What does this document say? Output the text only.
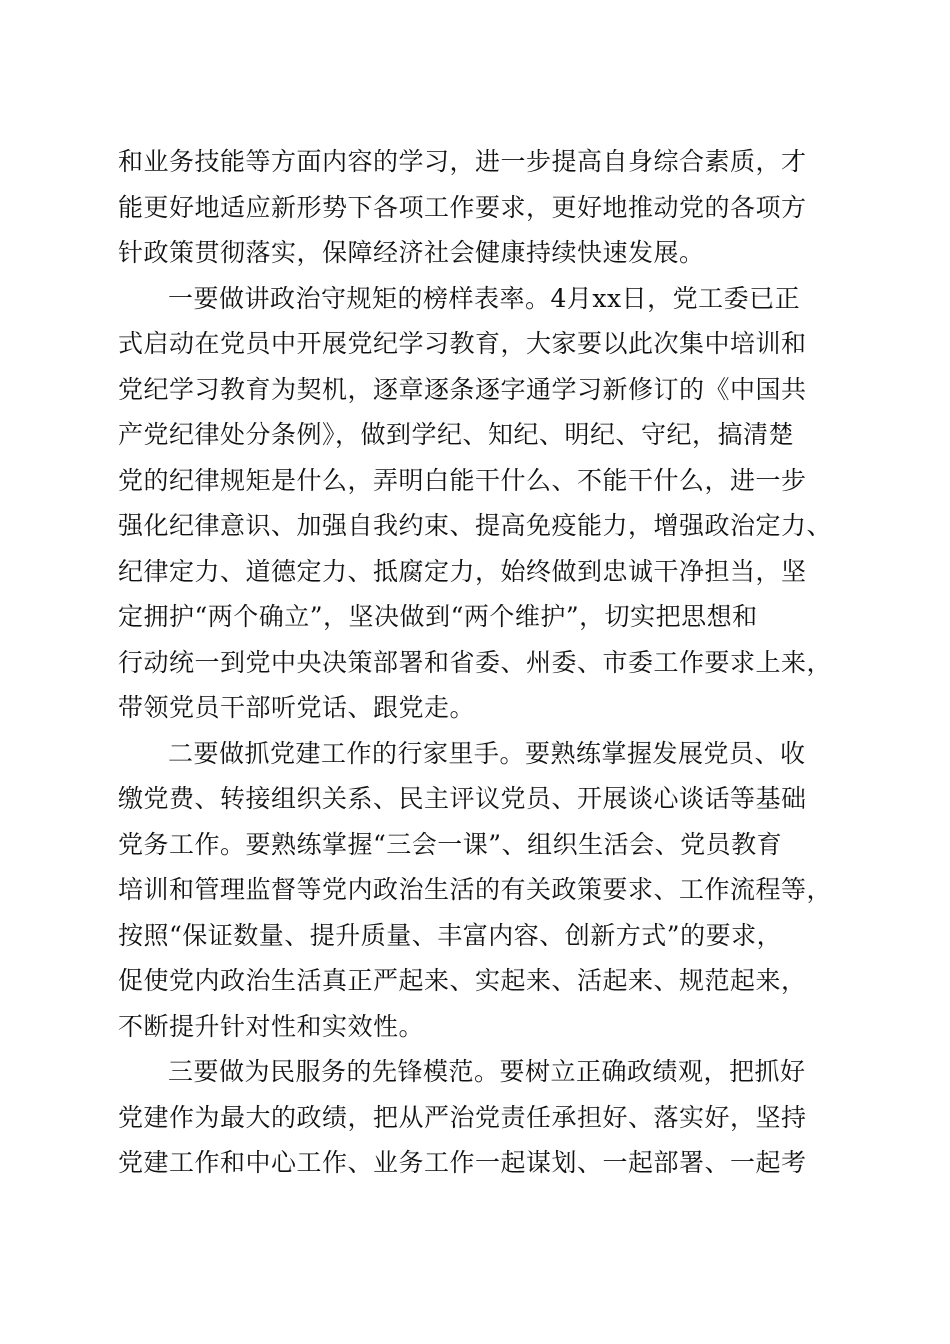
和业务技能等方面内容的学习，进一步提高自身综合素质，才
能更好地适应新形势下各项工作要求，更好地推动党的各项方
针政策贯彻落实，保障经济社会健康持续快速发展。
一要做讲政治守规矩的榜样表率。4月xx日，党工委已正
式启动在党员中开展党纪学习教育，大家要以此次集中培训和
党纪学习教育为契机，逐章逐条逐字通学习新修订的《中国共
产党纪律处分条例》，做到学纪、知纪、明纪、守纪，搞清楚
党的纪律规矩是什么，弄明白能干什么、不能干什么，进一步
强化纪律意识、加强自我约束、提高免疫能力，增强政治定力、
纪律定力、道德定力、抵腐定力，始终做到忠诚干净担当，坚
定拥护“两个确立”，坚决做到“两个维护”，切实把思想和
行动统一到党中央决策部署和省委、州委、市委工作要求上来，
带领党员干部听党话、跟党走。
二要做抓党建工作的行家里手。要熟练掌握发展党员、收
缴党费、转接组织关系、民主评议党员、开展谈心谈话等基础
党务工作。要熟练掌握“三会一课”、组织生活会、党员教育
培训和管理监督等党内政治生活的有关政策要求、工作流程等，
按照“保证数量、提升质量、丰富内容、创新方式”的要求，
促使党内政治生活真正严起来、实起来、活起来、规范起来，
不断提升针对性和实效性。
三要做为民服务的先锋模范。要树立正确政绩观，把抓好
党建作为最大的政绩，把从严治党责任承担好、落实好，坚持
党建工作和中心工作、业务工作一起谋划、一起部署、一起考
